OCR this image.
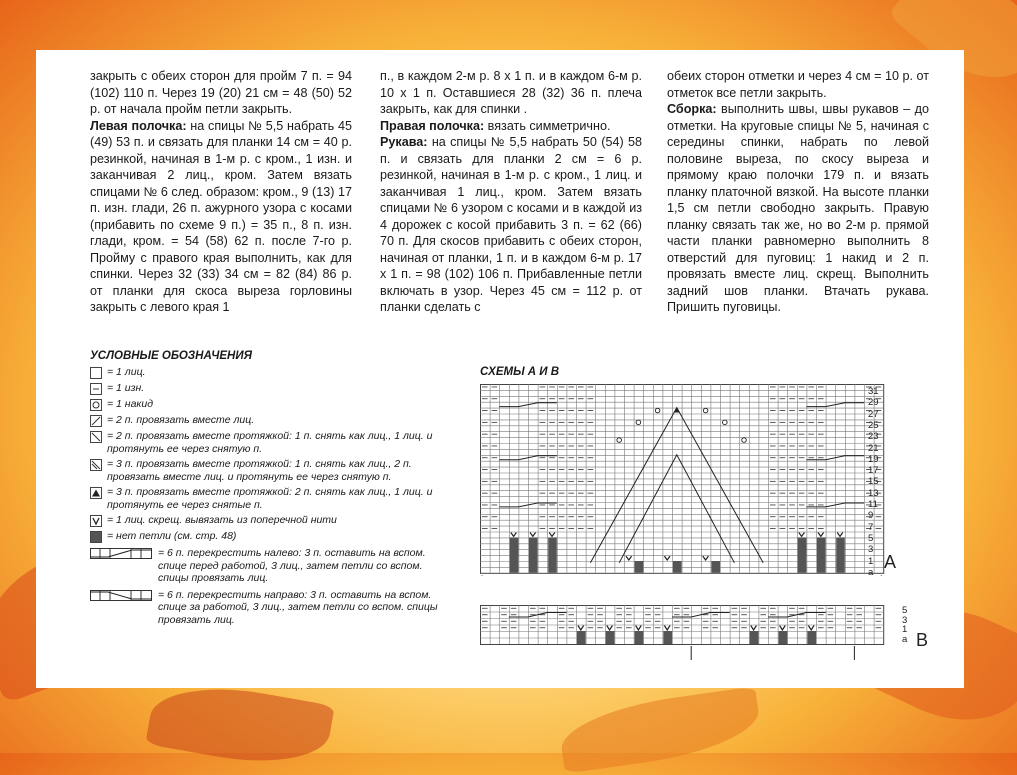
закрыть с обеих сторон для пройм 7 п. = 94 (102) 110 п. Через 19 (20) 21 см = 48 (50) 52 р. от начала пройм петли закрыть.

Левая полочка: на спицы № 5,5 набрать 45 (49) 53 п. и связать для планки 14 см = 40 р. резинкой, начиная в 1-м р. с кром., 1 изн. и заканчивая 2 лиц., кром. Затем вязать спицами № 6 след. образом: кром., 9 (13) 17 п. изн. глади, 26 п. ажурного узора с косами (прибавить по схеме 9 п.) = 35 п., 8 п. изн. глади, кром. = 54 (58) 62 п. после 7-го р. Пройму с правого края выполнить, как для спинки. Через 32 (33) 34 см = 82 (84) 86 р. от планки для скоса выреза горловины закрыть с левого края 1

п., в каждом 2-м р. 8 х 1 п. и в каждом 6-м р. 10 х 1 п. Оставшиеся 28 (32) 36 п. плеча закрыть, как для спинки .

Правая полочка: вязать симметрично.

Рукава: на спицы № 5,5 набрать 50 (54) 58 п. и связать для планки 2 см = 6 р. резинкой, начиная в 1-м р. с кром., 1 лиц. и заканчивая 1 лиц., кром. Затем вязать спицами № 6 узором с косами и в каждой из 4 дорожек с косой прибавить 3 п. = 62 (66) 70 п. Для скосов прибавить с обеих сторон, начиная от планки, 1 п. и в каждом 6-м р. 17 х 1 п. = 98 (102) 106 п. Прибавленные петли включать в узор. Через 45 см = 112 р. от планки сделать с

обеих сторон отметки и через 4 см = 10 р. от отметок все петли закрыть.

Сборка: выполнить швы, швы рукавов – до отметки. На круговые спицы № 5, начиная с середины спинки, набрать по левой половине выреза, по скосу выреза и прямому краю полочки 179 п. и вязать планку платочной вязкой. На высоте планки 1,5 см петли свободно закрыть. Правую планку связать так же, но во 2-м р. прямой части планки равномерно выполнить 8 отверстий для пуговиц: 1 накид и 2 п. провязать вместе лиц. скрещ. Выполнить задний шов планки. Втачать рукава. Пришить пуговицы.

УСЛОВНЫЕ ОБОЗНАЧЕНИЯ
= 1 лиц.
= 1 изн.
= 1 накид
= 2 п. провязать вместе лиц.
= 2 п. провязать вместе протяжкой: 1 п. снять как лиц., 1 лиц. и протянуть ее через снятую п.
= 3 п. провязать вместе протяжкой: 1 п. снять как лиц., 2 п. провязать вместе лиц. и протянуть ее через снятую п.
= 3 п. провязать вместе протяжкой: 2 п. снять как лиц., 1 лиц. и протянуть ее через снятые п.
= 1 лиц. скрещ. вывязать из поперечной нити
= нет петли (см. стр. 48)
= 6 п. перекрестить налево: 3 п. оставить на вспом. спице перед работой, 3 лиц., затем петли со вспом. спицы провязать лиц.
= 6 п. перекрестить направо: 3 п. оставить на вспом. спице за работой, 3 лиц., затем петли со вспом. спицы провязать лиц.
СХЕМЫ А И В
31
29
27
25
23
21
19
17
15
13
11
9
7
5
3
1
а
А
5
3
1
а В
